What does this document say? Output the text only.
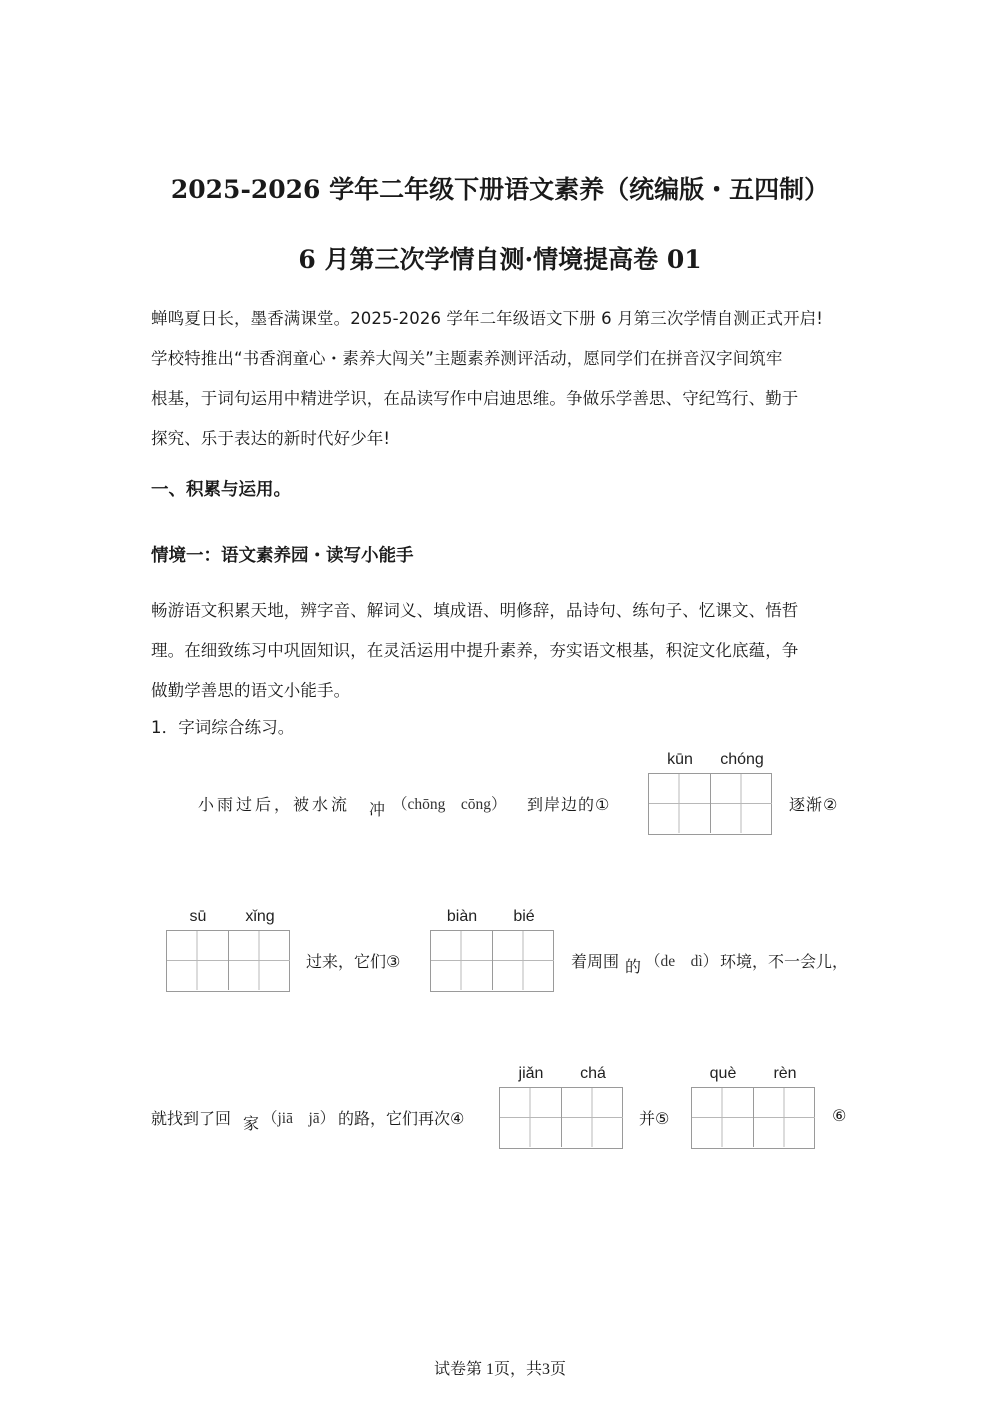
2025-2026 学年二年级下册语文素养（统编版・五四制）
6 月第三次学情自测·情境提高卷 01
蝉鸣夏日长，墨香满课堂。2025-2026 学年二年级语文下册 6 月第三次学情自测正式开启!
学校特推出“书香润童心・素养大闯关”主题素养测评活动，愿同学们在拼音汉字间筑牢
根基，于词句运用中精进学识，在品读写作中启迪思维。争做乐学善思、守纪笃行、勤于
探究、乐于表达的新时代好少年!
一、积累与运用。
情境一：语文素养园・读写小能手
畅游语文积累天地，辨字音、解词义、填成语、明修辞，品诗句、练句子、忆课文、悟哲
理。在细致练习中巩固知识，在灵活运用中提升素养，夯实语文根基，积淀文化底蕴，争
做勤学善思的语文小能手。
1．字词综合练习。
小雨过后，被水流 冲 （chōng　cōng） 到岸边的①
kūn	chóng
逐渐②
sū	xǐng
过来，它们③
biàn	bié
着周围 的 （de　dì） 环境，不一会儿，
就找到了回 家 （jiā　jā） 的路，它们再次④
jiǎn	chá
并⑤
què	rèn
⑥
试卷第 1页，共3页
